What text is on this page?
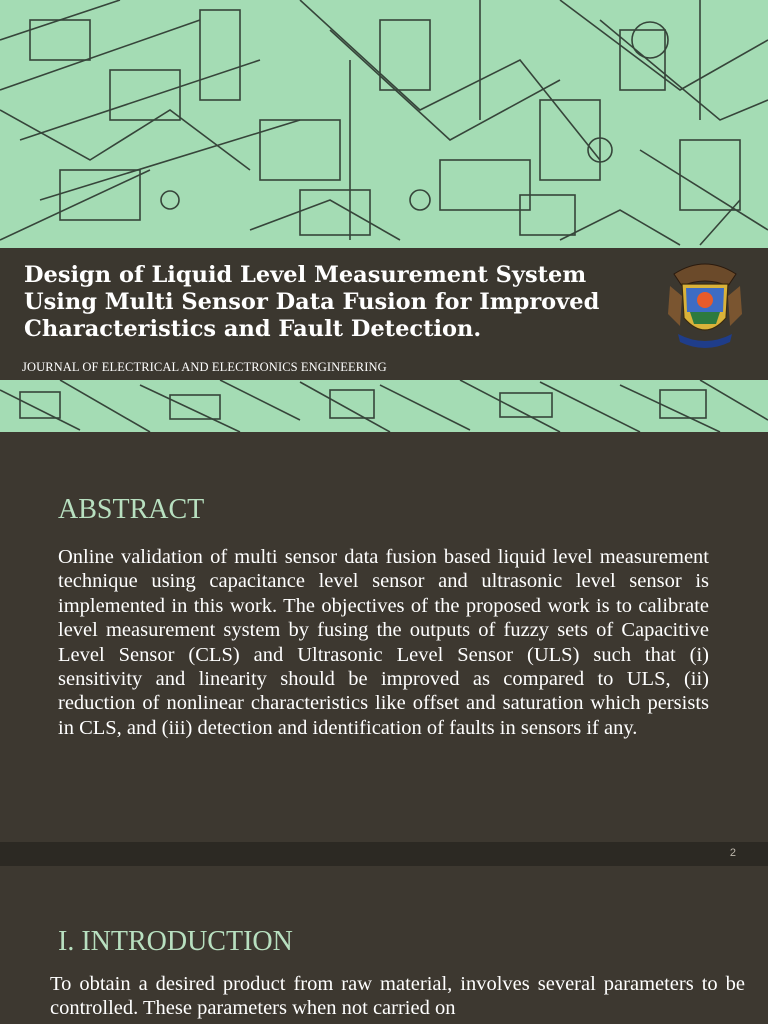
Design of Liquid Level Measurement System Using Multi Sensor Data Fusion for Improved Characteristics and Fault Detection.
JOURNAL OF ELECTRICAL AND ELECTRONICS ENGINEERING
ABSTRACT

Online validation of multi sensor data fusion based liquid level measurement technique using capacitance level sensor and ultrasonic level sensor is implemented in this work. The objectives of the proposed work is to calibrate level measurement system by fusing the outputs of fuzzy sets of Capacitive Level Sensor (CLS) and Ultrasonic Level Sensor (ULS) such that (i) sensitivity and linearity should be improved as compared to ULS, (ii) reduction of nonlinear characteristics like offset and saturation which persists in CLS, and (iii) detection and identification of faults in sensors if any.

2
I. INTRODUCTION

To obtain a desired product from raw material, involves several parameters to be controlled. These parameters when not carried on
